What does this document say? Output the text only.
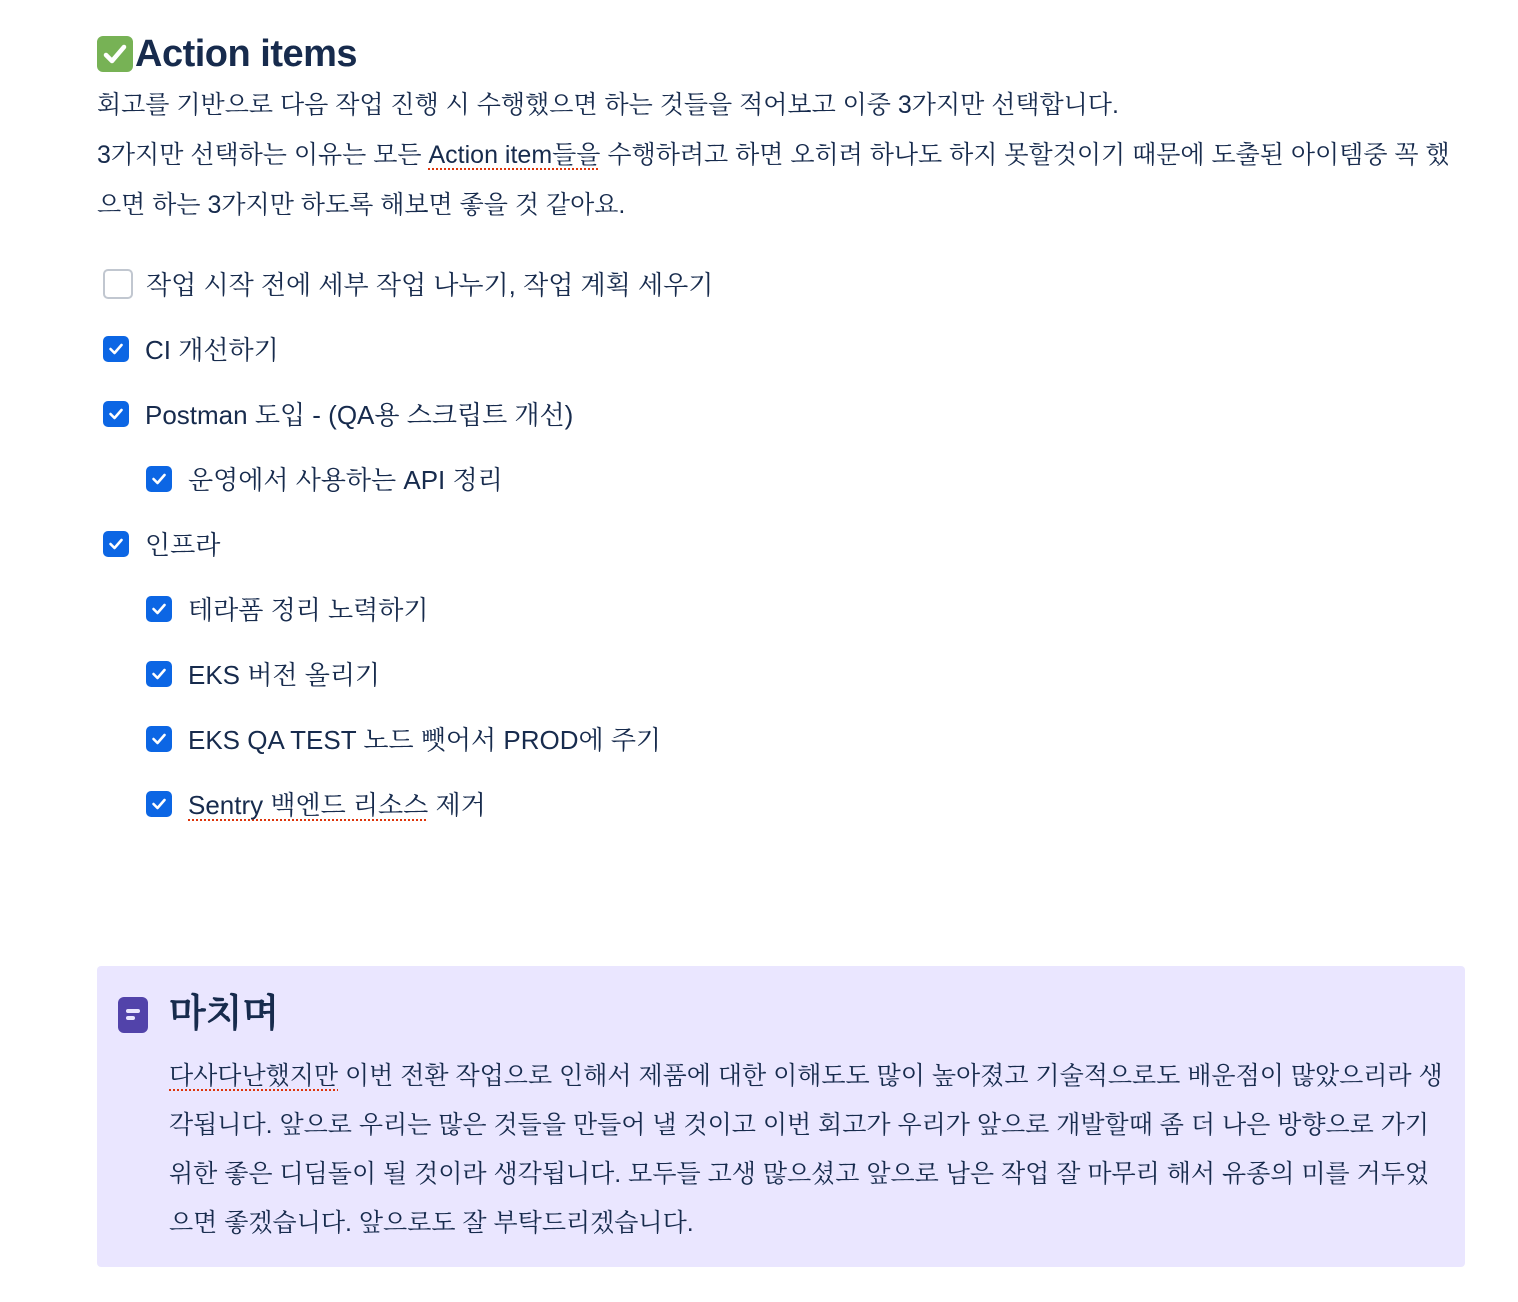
Action items

회고를 기반으로 다음 작업 진행 시 수행했으면 하는 것들을 적어보고 이중 3가지만 선택합니다.

3가지만 선택하는 이유는 모든 Action item들을 수행하려고 하면 오히려 하나도 하지 못할것이기 때문에 도출된 아이템중 꼭 했으면 하는 3가지만 하도록 해보면 좋을 것 같아요.

작업 시작 전에 세부 작업 나누기, 작업 계획 세우기
CI 개선하기
Postman 도입 - (QA용 스크립트 개선)
운영에서 사용하는 API 정리
인프라
테라폼 정리 노력하기
EKS 버전 올리기
EKS QA TEST 노드 뺏어서 PROD에 주기
Sentry 백엔드 리소스 제거
마치며

다사다난했지만 이번 전환 작업으로 인해서 제품에 대한 이해도도 많이 높아졌고 기술적으로도 배운점이 많았으리라 생각됩니다. 앞으로 우리는 많은 것들을 만들어 낼 것이고 이번 회고가 우리가 앞으로 개발할때 좀 더 나은 방향으로 가기 위한 좋은 디딤돌이 될 것이라 생각됩니다. 모두들 고생 많으셨고 앞으로 남은 작업 잘 마무리 해서 유종의 미를 거두었으면 좋겠습니다. 앞으로도 잘 부탁드리겠습니다.
